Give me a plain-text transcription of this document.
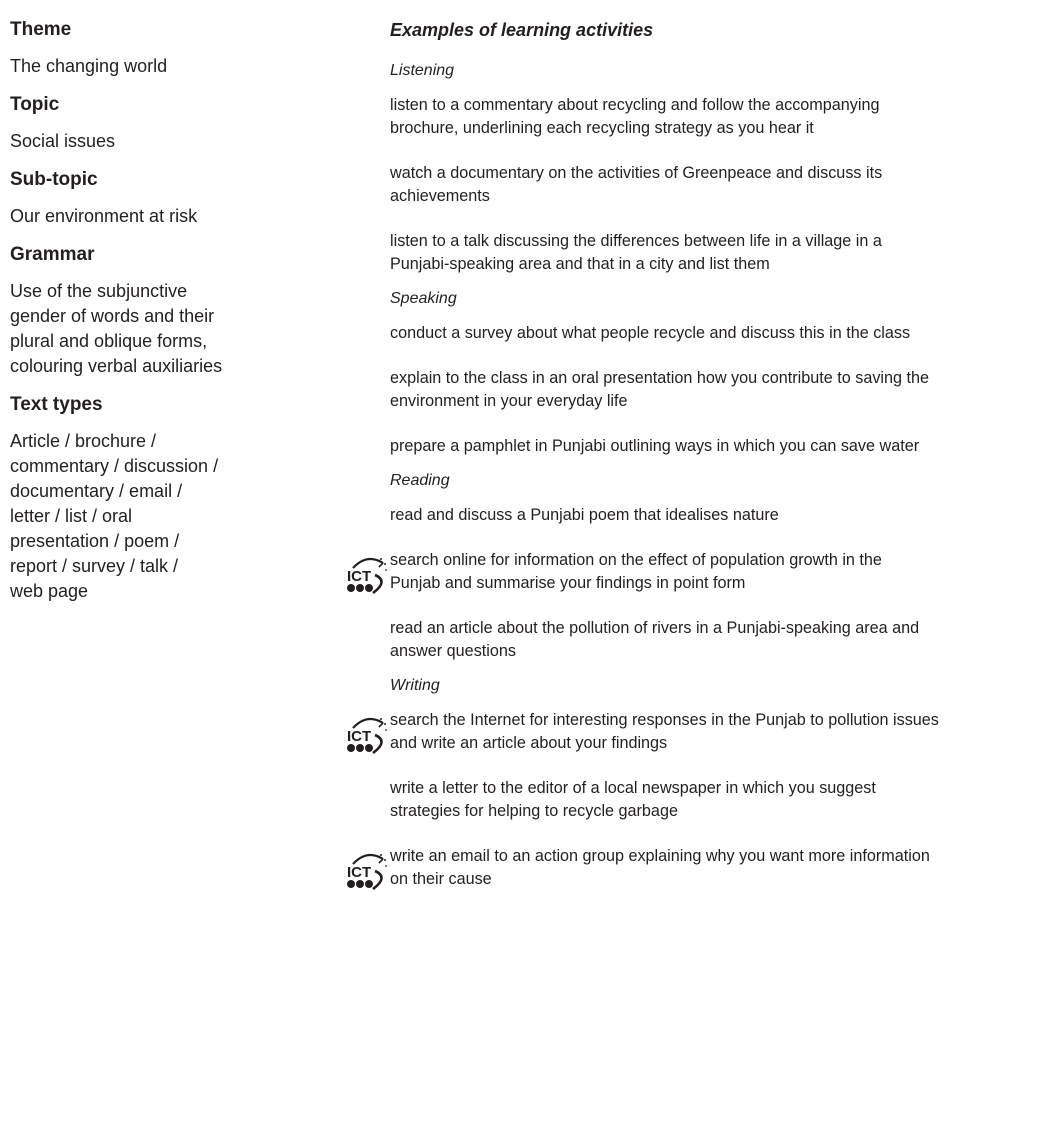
Theme
The changing world
Topic
Social issues
Sub-topic
Our environment at risk
Grammar
Use of the subjunctive
gender of words and their
plural and oblique forms,
colouring verbal auxiliaries
Text types
Article / brochure /
commentary / discussion /
documentary / email /
letter / list / oral
presentation / poem /
report / survey / talk /
web page
Examples of learning activities
Listening
listen to a commentary about recycling and follow the accompanying
brochure, underlining each recycling strategy as you hear it
watch a documentary on the activities of Greenpeace and discuss its
achievements
listen to a talk discussing the differences between life in a village in a
Punjabi-speaking area and that in a city and list them
Speaking
conduct a survey about what people recycle and discuss this in the class
explain to the class in an oral presentation how you contribute to saving the
environment in your everyday life
prepare a pamphlet in Punjabi outlining ways in which you can save water
Reading
read and discuss a Punjabi poem that idealises nature
ICT
search online for information on the effect of population growth in the
Punjab and summarise your findings in point form
read an article about the pollution of rivers in a Punjabi-speaking area and
answer questions
Writing
ICT
search the Internet for interesting responses in the Punjab to pollution issues
and write an article about your findings
write a letter to the editor of a local newspaper in which you suggest
strategies for helping to recycle garbage
ICT
write an email to an action group explaining why you want more information
on their cause
